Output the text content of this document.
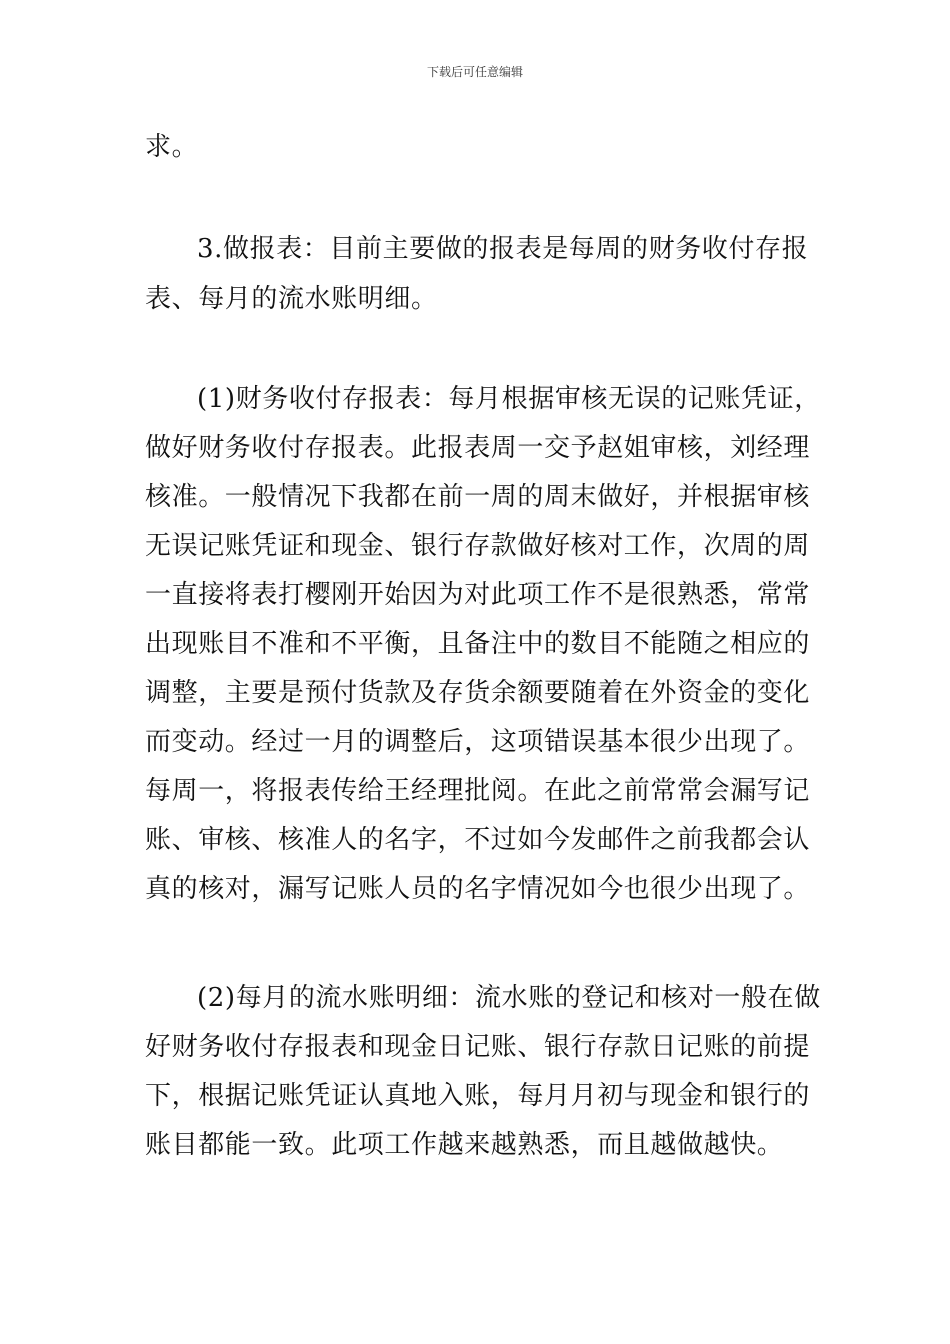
下载后可任意编辑
求。
3.做报表：目前主要做的报表是每周的财务收付存报
表、每月的流水账明细。
(1)财务收付存报表：每月根据审核无误的记账凭证，
做好财务收付存报表。此报表周一交予赵姐审核，刘经理
核准。一般情况下我都在前一周的周末做好，并根据审核
无误记账凭证和现金、银行存款做好核对工作，次周的周
一直接将表打樱刚开始因为对此项工作不是很熟悉，常常
出现账目不准和不平衡，且备注中的数目不能随之相应的
调整，主要是预付货款及存货余额要随着在外资金的变化
而变动。经过一月的调整后，这项错误基本很少出现了。
每周一，将报表传给王经理批阅。在此之前常常会漏写记
账、审核、核准人的名字，不过如今发邮件之前我都会认
真的核对，漏写记账人员的名字情况如今也很少出现了。
(2)每月的流水账明细：流水账的登记和核对一般在做
好财务收付存报表和现金日记账、银行存款日记账的前提
下，根据记账凭证认真地入账，每月月初与现金和银行的
账目都能一致。此项工作越来越熟悉，而且越做越快。
